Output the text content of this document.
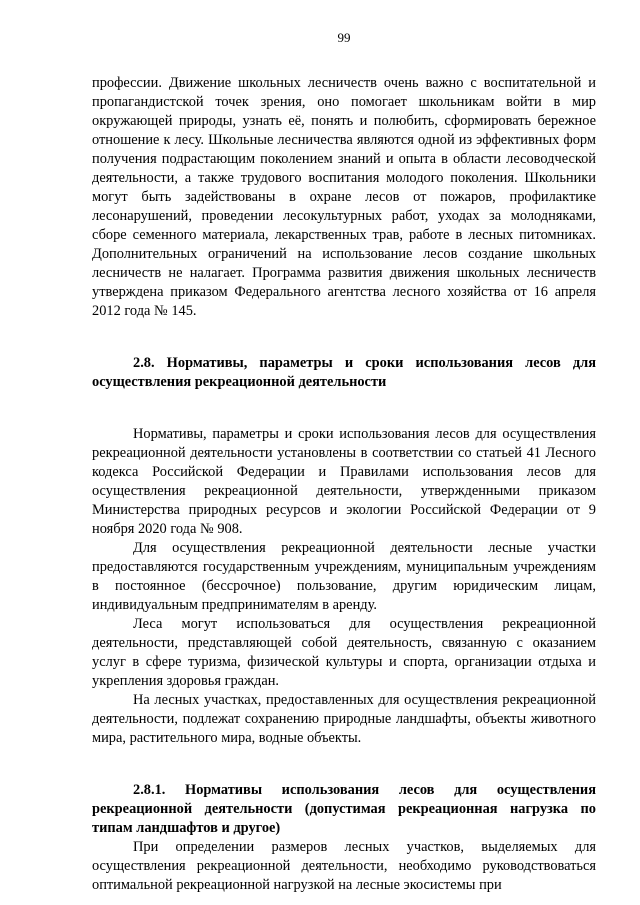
99

профессии. Движение школьных лесничеств очень важно с воспитательной и пропагандистской точек зрения, оно помогает школьникам войти в мир окружающей природы, узнать её, понять и полюбить, сформировать бережное отношение к лесу. Школьные лесничества являются одной из эффективных форм получения подрастающим поколением знаний и опыта в области лесоводческой деятельности, а также трудового воспитания молодого поколения. Школьники могут быть задействованы в охране лесов от пожаров, профилактике лесонарушений, проведении лесокультурных работ, уходах за молодняками, сборе семенного материала, лекарственных трав, работе в лесных питомниках. Дополнительных ограничений на использование лесов создание школьных лесничеств не налагает. Программа развития движения школьных лесничеств утверждена приказом Федерального агентства лесного хозяйства от 16 апреля 2012 года № 145.

2.8. Нормативы, параметры и сроки использования лесов для осуществления рекреационной деятельности

Нормативы, параметры и сроки использования лесов для осуществления рекреационной деятельности установлены в соответствии со статьей 41 Лесного кодекса Российской Федерации и Правилами использования лесов для осуществления рекреационной деятельности, утвержденными приказом Министерства природных ресурсов и экологии Российской Федерации от 9 ноября 2020 года № 908.

Для осуществления рекреационной деятельности лесные участки предоставляются государственным учреждениям, муниципальным учреждениям в постоянное (бессрочное) пользование, другим юридическим лицам, индивидуальным предпринимателям в аренду.

Леса могут использоваться для осуществления рекреационной деятельности, представляющей собой деятельность, связанную с оказанием услуг в сфере туризма, физической культуры и спорта, организации отдыха и укрепления здоровья граждан.

На лесных участках, предоставленных для осуществления рекреационной деятельности, подлежат сохранению природные ландшафты, объекты животного мира, растительного мира, водные объекты.

2.8.1. Нормативы использования лесов для осуществления рекреационной деятельности (допустимая рекреационная нагрузка по типам ландшафтов и другое)

При определении размеров лесных участков, выделяемых для осуществления рекреационной деятельности, необходимо руководствоваться оптимальной рекреационной нагрузкой на лесные экосистемы при
